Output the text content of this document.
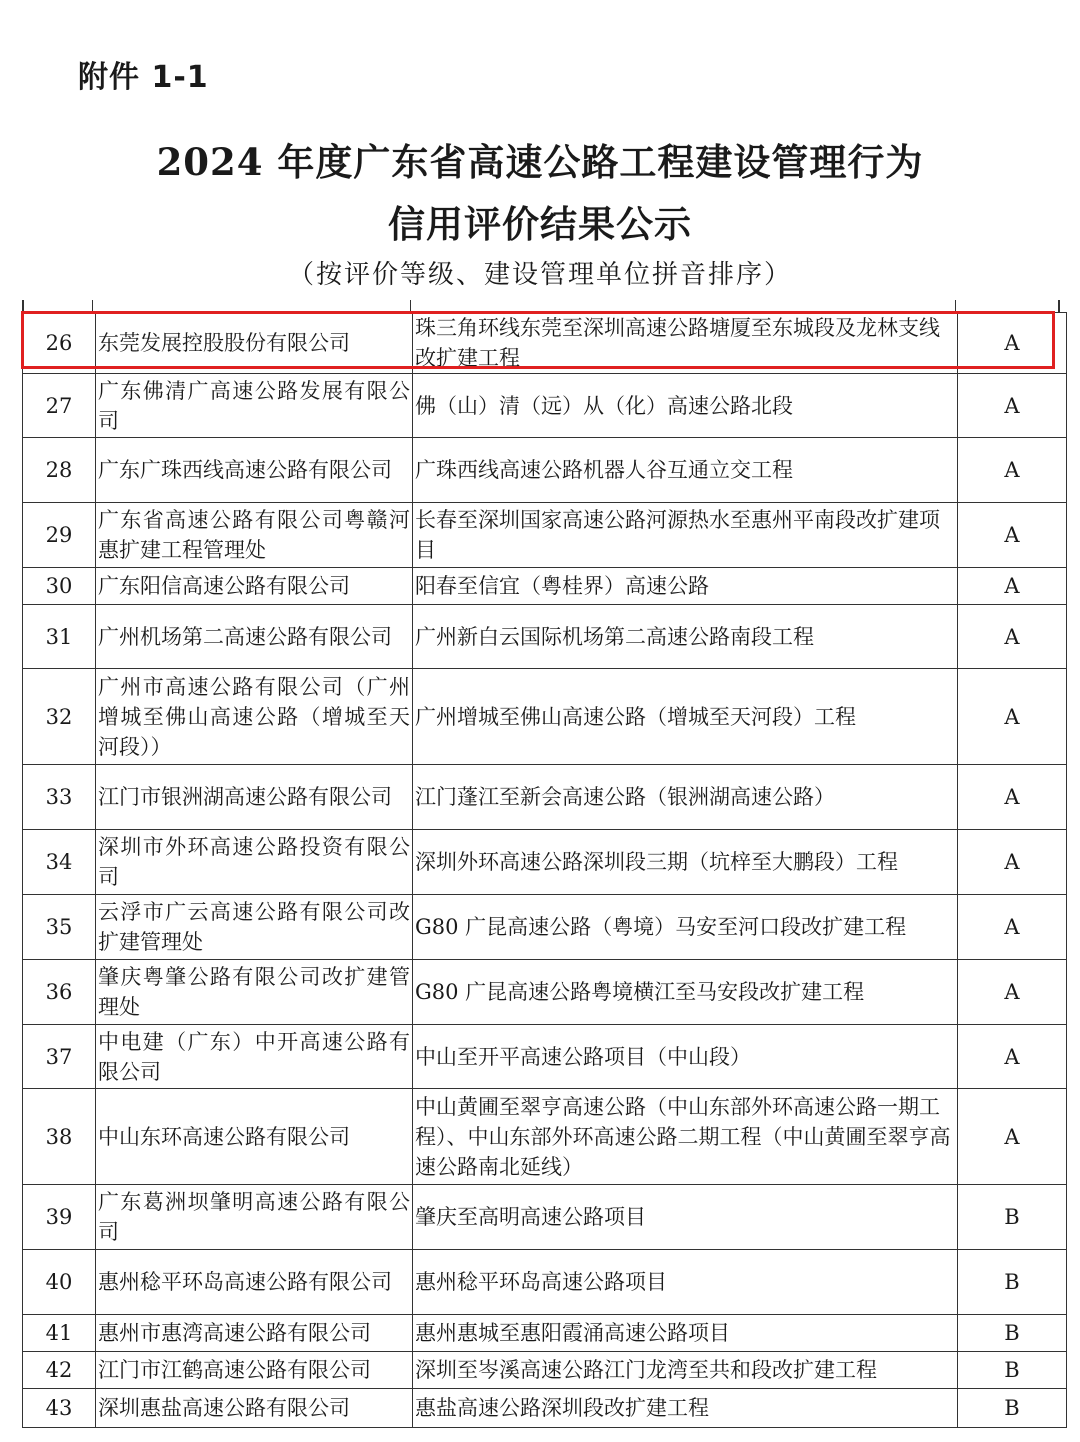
附件 1-1
2024 年度广东省高速公路工程建设管理行为
信用评价结果公示
（按评价等级、建设管理单位拼音排序）
26	东莞发展控股股份有限公司	珠三角环线东莞至深圳高速公路塘厦至东城段及龙林支线改扩建工程	A
27	广东佛清广高速公路发展有限公司	佛（山）清（远）从（化）高速公路北段	A
28	广东广珠西线高速公路有限公司	广珠西线高速公路机器人谷互通立交工程	A
29	广东省高速公路有限公司粤赣河惠扩建工程管理处	长春至深圳国家高速公路河源热水至惠州平南段改扩建项目	A
30	广东阳信高速公路有限公司	阳春至信宜（粤桂界）高速公路	A
31	广州机场第二高速公路有限公司	广州新白云国际机场第二高速公路南段工程	A
32	广州市高速公路有限公司（广州增城至佛山高速公路（增城至天河段））	广州增城至佛山高速公路（增城至天河段）工程	A
33	江门市银洲湖高速公路有限公司	江门蓬江至新会高速公路（银洲湖高速公路）	A
34	深圳市外环高速公路投资有限公司	深圳外环高速公路深圳段三期（坑梓至大鹏段）工程	A
35	云浮市广云高速公路有限公司改扩建管理处	G80 广昆高速公路（粤境）马安至河口段改扩建工程	A
36	肇庆粤肇公路有限公司改扩建管理处	G80 广昆高速公路粤境横江至马安段改扩建工程	A
37	中电建（广东）中开高速公路有限公司	中山至开平高速公路项目（中山段）	A
38	中山东环高速公路有限公司	中山黄圃至翠亨高速公路（中山东部外环高速公路一期工程）、中山东部外环高速公路二期工程（中山黄圃至翠亨高速公路南北延线）	A
39	广东葛洲坝肇明高速公路有限公司	肇庆至高明高速公路项目	B
40	惠州稔平环岛高速公路有限公司	惠州稔平环岛高速公路项目	B
41	惠州市惠湾高速公路有限公司	惠州惠城至惠阳霞涌高速公路项目	B
42	江门市江鹤高速公路有限公司	深圳至岑溪高速公路江门龙湾至共和段改扩建工程	B
43	深圳惠盐高速公路有限公司	惠盐高速公路深圳段改扩建工程	B
